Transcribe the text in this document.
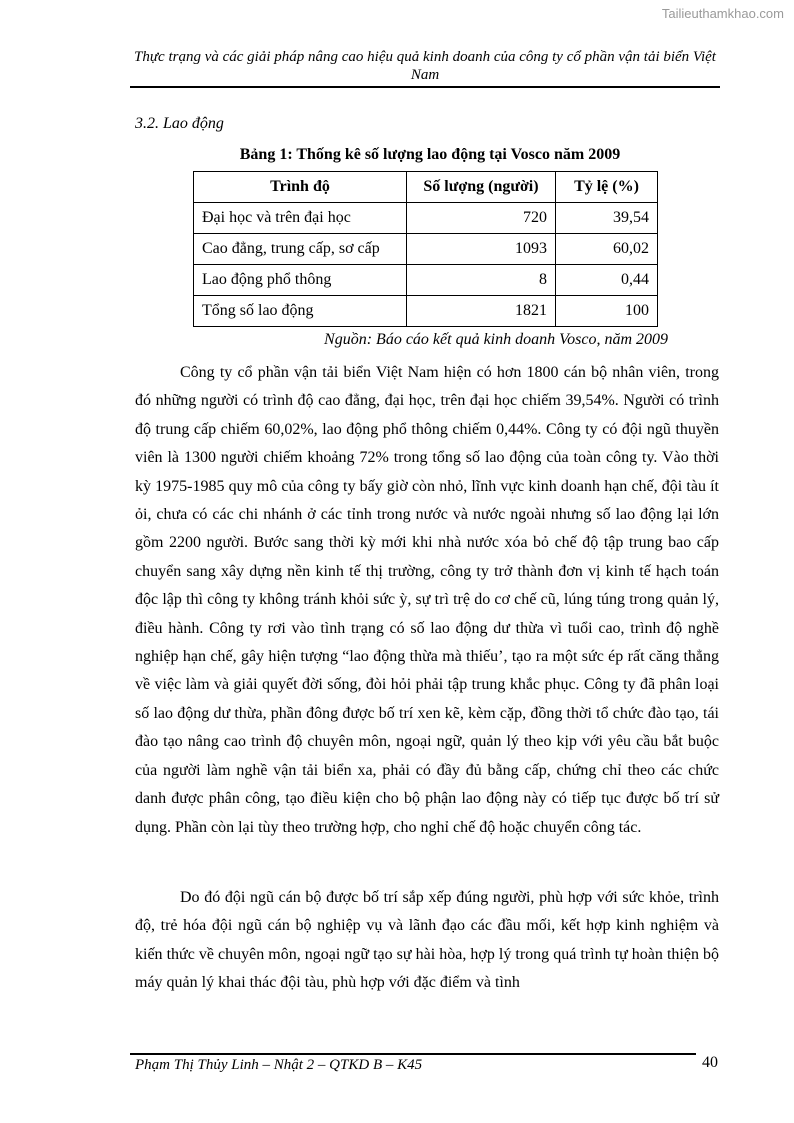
Tailieuthamkhao.com
Thực trạng và các giải pháp nâng cao hiệu quả kinh doanh của công ty cổ phần vận tải biển Việt Nam
3.2. Lao động
Bảng 1: Thống kê số lượng lao động tại Vosco năm 2009
Trình độ	Số lượng (người)	Tỷ lệ (%)
Đại học và trên đại học	720	39,54
Cao đẳng, trung cấp, sơ cấp	1093	60,02
Lao động phổ thông	8	0,44
Tổng số lao động	1821	100
Nguồn: Báo cáo kết quả kinh doanh Vosco, năm 2009

Công ty cổ phần vận tải biển Việt Nam hiện có hơn 1800 cán bộ nhân viên, trong đó những người có trình độ cao đẳng, đại học, trên đại học chiếm 39,54%. Người có trình độ trung cấp chiếm 60,02%, lao động phổ thông chiếm 0,44%. Công ty có đội ngũ thuyền viên là 1300 người chiếm khoảng 72% trong tổng số lao động của toàn công ty. Vào thời kỳ 1975-1985 quy mô của công ty bấy giờ còn nhỏ, lĩnh vực kinh doanh hạn chế, đội tàu ít ỏi, chưa có các chi nhánh ở các tỉnh trong nước và nước ngoài nhưng số lao động lại lớn gồm 2200 người. Bước sang thời kỳ mới khi nhà nước xóa bỏ chế độ tập trung bao cấp chuyển sang xây dựng nền kinh tế thị trường, công ty trở thành đơn vị kinh tế hạch toán độc lập thì công ty không tránh khỏi sức ỳ, sự trì trệ do cơ chế cũ, lúng túng trong quản lý, điều hành. Công ty rơi vào tình trạng có số lao động dư thừa vì tuổi cao, trình độ nghề nghiệp hạn chế, gây hiện tượng “lao động thừa mà thiếu’, tạo ra một sức ép rất căng thẳng về việc làm và giải quyết đời sống, đòi hỏi phải tập trung khắc phục. Công ty đã phân loại số lao động dư thừa, phần đông được bố trí xen kẽ, kèm cặp, đồng thời tổ chức đào tạo, tái đào tạo nâng cao trình độ chuyên môn, ngoại ngữ, quản lý theo kịp với yêu cầu bắt buộc của người làm nghề vận tải biển xa, phải có đầy đủ bằng cấp, chứng chỉ theo các chức danh được phân công, tạo điều kiện cho bộ phận lao động này có tiếp tục được bố trí sử dụng. Phần còn lại tùy theo trường hợp, cho nghỉ chế độ hoặc chuyển công tác.

Do đó đội ngũ cán bộ được bố trí sắp xếp đúng người, phù hợp với sức khỏe, trình độ, trẻ hóa đội ngũ cán bộ nghiệp vụ và lãnh đạo các đầu mối, kết hợp kinh nghiệm và kiến thức về chuyên môn, ngoại ngữ tạo sự hài hòa, hợp lý trong quá trình tự hoàn thiện bộ máy quản lý khai thác đội tàu, phù hợp với đặc điểm và tình

Phạm Thị Thủy Linh – Nhật 2 – QTKD B – K45	40
